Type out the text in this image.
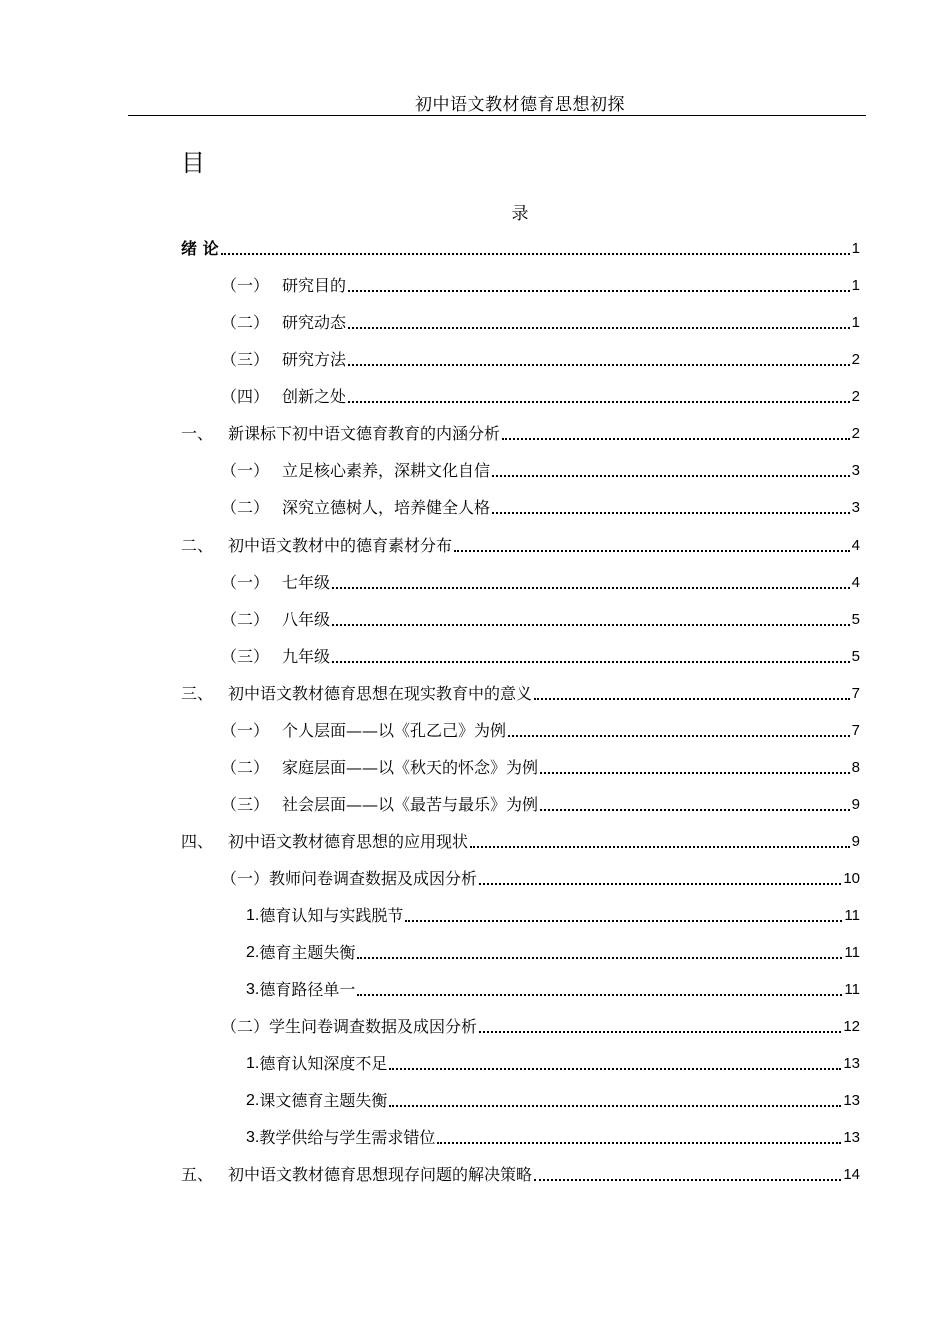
初中语文教材德育思想初探
目
录
绪 论	1
（一） 研究目的	1
（二） 研究动态	1
（三） 研究方法	2
（四） 创新之处	2
一、 新课标下初中语文德育教育的内涵分析	2
（一） 立足核心素养，深耕文化自信	3
（二） 深究立德树人，培养健全人格	3
二、 初中语文教材中的德育素材分布	4
（一） 七年级	4
（二） 八年级	5
（三） 九年级	5
三、 初中语文教材德育思想在现实教育中的意义	7
（一） 个人层面——以《孔乙己》为例	7
（二） 家庭层面——以《秋天的怀念》为例	8
（三） 社会层面——以《最苦与最乐》为例	9
四、 初中语文教材德育思想的应用现状	9
（一）教师问卷调查数据及成因分析	10
1. 德育认知与实践脱节	11
2. 德育主题失衡	11
3. 德育路径单一	11
（二）学生问卷调查数据及成因分析	12
1. 德育认知深度不足	13
2. 课文德育主题失衡	13
3. 教学供给与学生需求错位	13
五、 初中语文教材德育思想现存问题的解决策略	14
